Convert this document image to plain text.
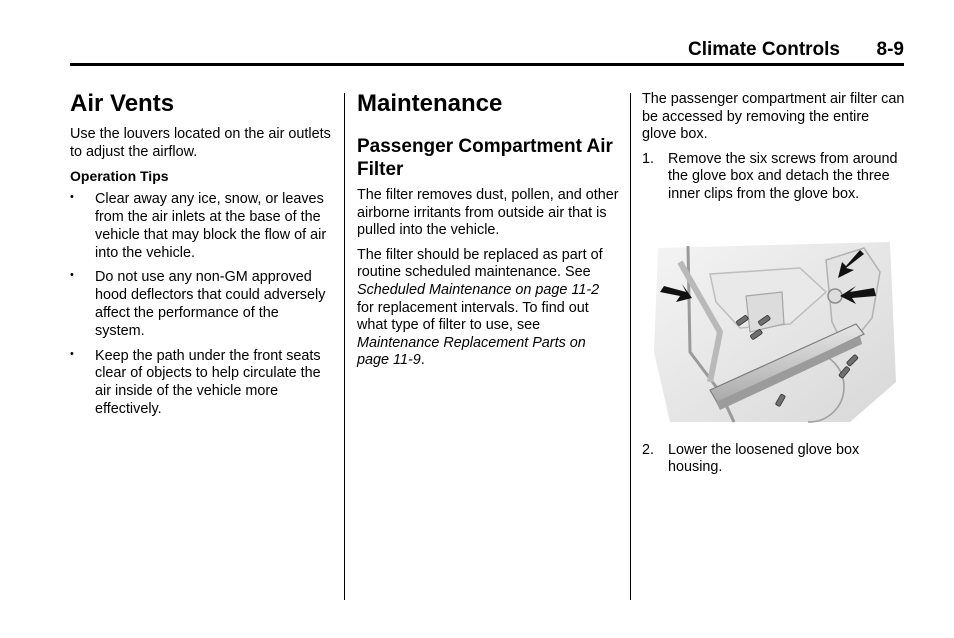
Climate Controls 8-9
Air Vents

Use the louvers located on the air outlets to adjust the airflow.

Operation Tips
• Clear away any ice, snow, or leaves from the air inlets at the base of the vehicle that may block the flow of air into the vehicle.
• Do not use any non-GM approved hood deflectors that could adversely affect the performance of the system.
• Keep the path under the front seats clear of objects to help circulate the air inside of the vehicle more effectively.
Maintenance
Passenger Compartment Air Filter

The filter removes dust, pollen, and other airborne irritants from outside air that is pulled into the vehicle.

The filter should be replaced as part of routine scheduled maintenance. See Scheduled Maintenance on page 11-2 for replacement intervals. To find out what type of filter to use, see Maintenance Replacement Parts on page 11-9.

The passenger compartment air filter can be accessed by removing the entire glove box.

1. Remove the six screws from around the glove box and detach the three inner clips from the glove box.
2. Lower the loosened glove box housing.
